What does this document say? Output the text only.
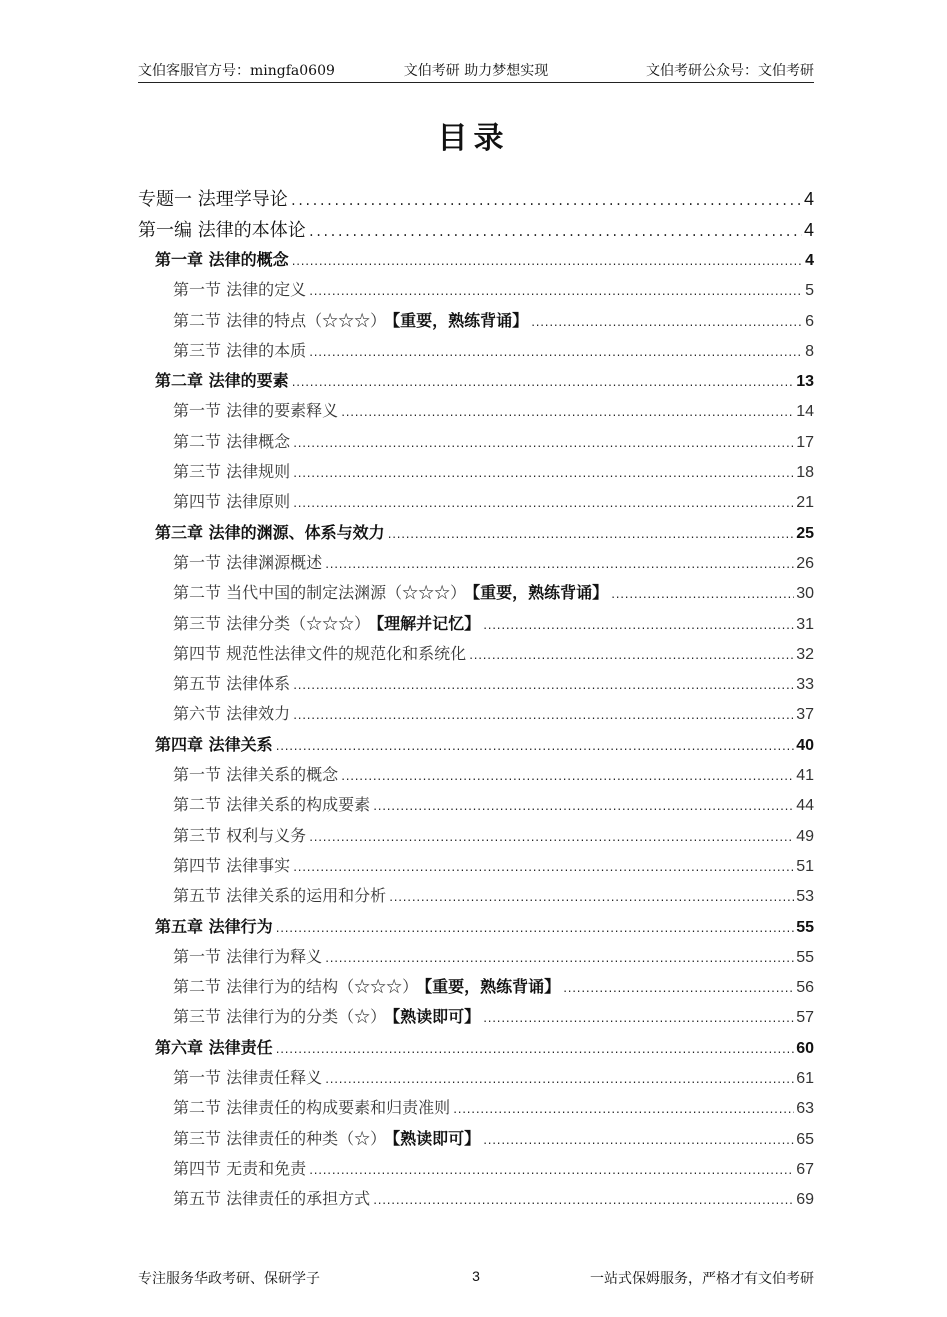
文伯客服官方号：mingfa0609	文伯考研 助力梦想实现	文伯考研公众号：文伯考研
目录
专题一 法理学导论 .....	4
第一编 法律的本体论 .....	4
第一章 法律的概念 .....	4
第一节 法律的定义 .....	5
第二节 法律的特点（☆☆☆） 【重要，熟练背诵】 .....	6
第三节 法律的本质 .....	8
第二章 法律的要素 .....	13
第一节 法律的要素释义 .....	14
第二节 法律概念 .....	17
第三节 法律规则 .....	18
第四节 法律原则 .....	21
第三章 法律的渊源、体系与效力 .....	25
第一节 法律渊源概述 .....	26
第二节 当代中国的制定法渊源（☆☆☆） 【重要，熟练背诵】 .....	30
第三节 法律分类（☆☆☆） 【理解并记忆】 .....	31
第四节 规范性法律文件的规范化和系统化 .....	32
第五节 法律体系 .....	33
第六节 法律效力 .....	37
第四章 法律关系 .....	40
第一节 法律关系的概念 .....	41
第二节 法律关系的构成要素 .....	44
第三节 权利与义务 .....	49
第四节 法律事实 .....	51
第五节 法律关系的运用和分析 .....	53
第五章 法律行为 .....	55
第一节 法律行为释义 .....	55
第二节 法律行为的结构（☆☆☆） 【重要，熟练背诵】 .....	56
第三节 法律行为的分类（☆） 【熟读即可】 .....	57
第六章 法律责任 .....	60
第一节 法律责任释义 .....	61
第二节 法律责任的构成要素和归责准则 .....	63
第三节 法律责任的种类（☆） 【熟读即可】 .....	65
第四节 无责和免责 .....	67
第五节 法律责任的承担方式 .....	69
专注服务华政考研、保研学子	3	一站式保姆服务，严格才有文伯考研
